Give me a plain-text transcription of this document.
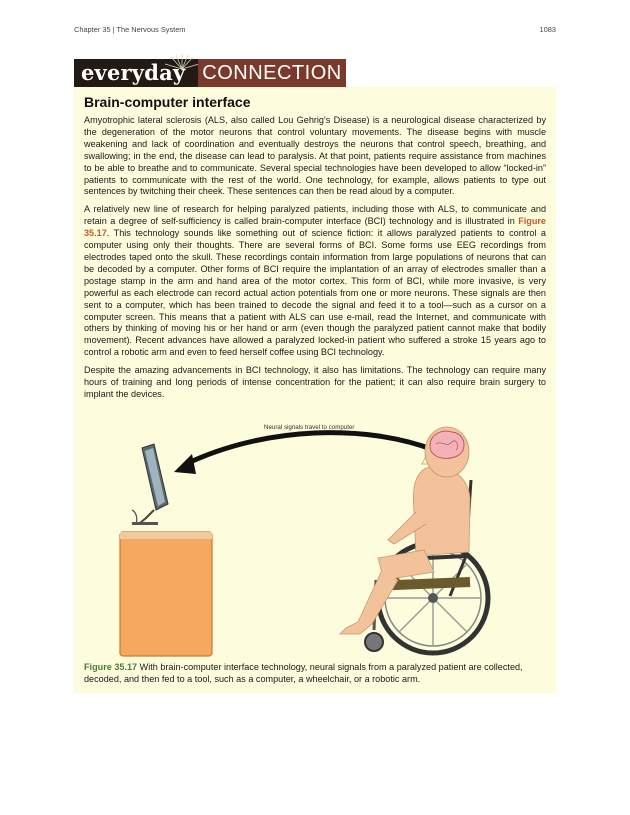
Chapter 35 | The Nervous System	1083
everyday CONNECTION
Brain-computer interface

Amyotrophic lateral sclerosis (ALS, also called Lou Gehrig's Disease) is a neurological disease characterized by the degeneration of the motor neurons that control voluntary movements. The disease begins with muscle weakening and lack of coordination and eventually destroys the neurons that control speech, breathing, and swallowing; in the end, the disease can lead to paralysis. At that point, patients require assistance from machines to be able to breathe and to communicate. Several special technologies have been developed to allow “locked-in” patients to communicate with the rest of the world. One technology, for example, allows patients to type out sentences by twitching their cheek. These sentences can then be read aloud by a computer.

A relatively new line of research for helping paralyzed patients, including those with ALS, to communicate and retain a degree of self-sufficiency is called brain-computer interface (BCI) technology and is illustrated in Figure 35.17. This technology sounds like something out of science fiction: it allows paralyzed patients to control a computer using only their thoughts. There are several forms of BCI. Some forms use EEG recordings from electrodes taped onto the skull. These recordings contain information from large populations of neurons that can be decoded by a computer. Other forms of BCI require the implantation of an array of electrodes smaller than a postage stamp in the arm and hand area of the motor cortex. This form of BCI, while more invasive, is very powerful as each electrode can record actual action potentials from one or more neurons. These signals are then sent to a computer, which has been trained to decode the signal and feed it to a tool—such as a cursor on a computer screen. This means that a patient with ALS can use e-mail, read the Internet, and communicate with others by thinking of moving his or her hand or arm (even though the paralyzed patient cannot make that bodily movement). Recent advances have allowed a paralyzed locked-in patient who suffered a stroke 15 years ago to control a robotic arm and even to feed herself coffee using BCI technology.

Despite the amazing advancements in BCI technology, it also has limitations. The technology can require many hours of training and long periods of intense concentration for the patient; it can also require brain surgery to implant the devices.

Neural signals travel to computer
Figure 35.17 With brain-computer interface technology, neural signals from a paralyzed patient are collected, decoded, and then fed to a tool, such as a computer, a wheelchair, or a robotic arm.
